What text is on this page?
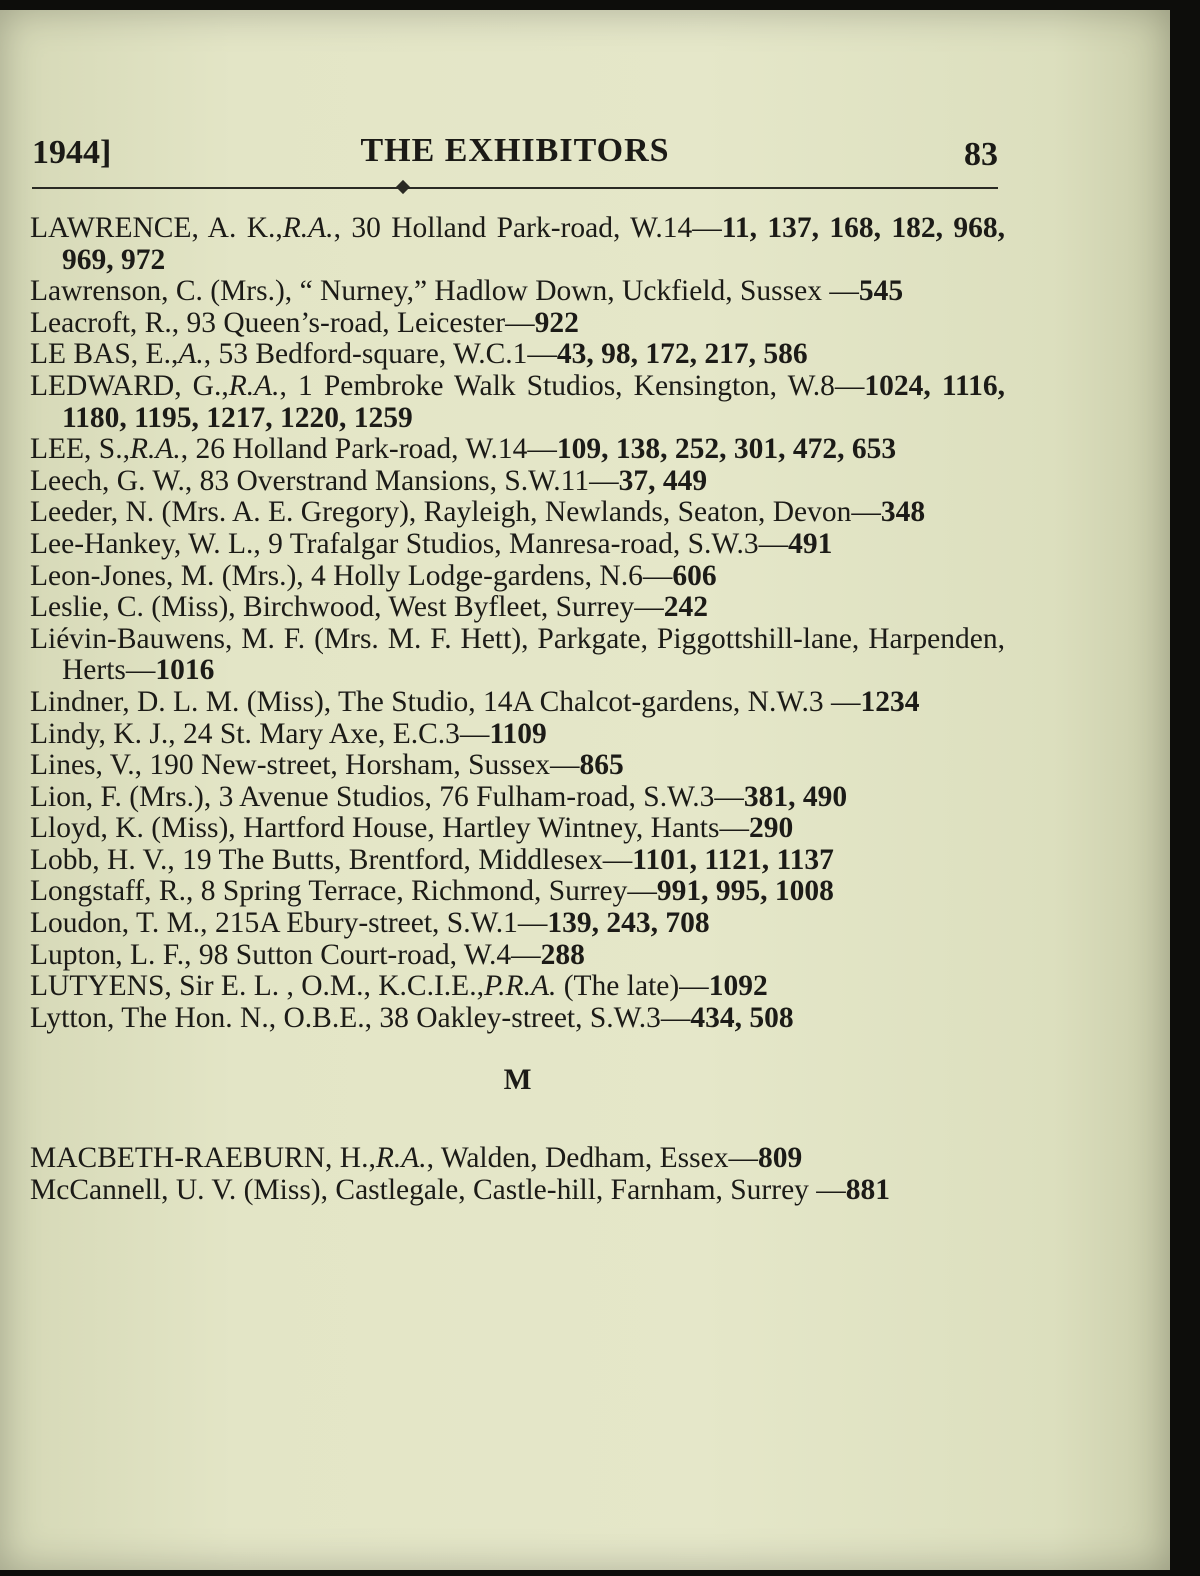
1944]	THE EXHIBITORS	83
LAWRENCE, A. K.,R.A., 30 Holland Park-road, W.14—11, 137, 168, 182, 968, 969, 972
Lawrenson, C. (Mrs.), “ Nurney,” Hadlow Down, Uckfield, Sussex —545
Leacroft, R., 93 Queen’s-road, Leicester—922
LE BAS, E.,A., 53 Bedford-square, W.C.1—43, 98, 172, 217, 586
LEDWARD, G.,R.A., 1 Pembroke Walk Studios, Kensington, W.8—1024, 1116, 1180, 1195, 1217, 1220, 1259
LEE, S.,R.A., 26 Holland Park-road, W.14—109, 138, 252, 301, 472, 653
Leech, G. W., 83 Overstrand Mansions, S.W.11—37, 449
Leeder, N. (Mrs. A. E. Gregory), Rayleigh, Newlands, Seaton, Devon—348
Lee-Hankey, W. L., 9 Trafalgar Studios, Manresa-road, S.W.3—491
Leon-Jones, M. (Mrs.), 4 Holly Lodge-gardens, N.6—606
Leslie, C. (Miss), Birchwood, West Byfleet, Surrey—242
Liévin-Bauwens, M. F. (Mrs. M. F. Hett), Parkgate, Piggottshill-lane, Harpenden, Herts—1016
Lindner, D. L. M. (Miss), The Studio, 14A Chalcot-gardens, N.W.3 —1234
Lindy, K. J., 24 St. Mary Axe, E.C.3—1109
Lines, V., 190 New-street, Horsham, Sussex—865
Lion, F. (Mrs.), 3 Avenue Studios, 76 Fulham-road, S.W.3—381, 490
Lloyd, K. (Miss), Hartford House, Hartley Wintney, Hants—290
Lobb, H. V., 19 The Butts, Brentford, Middlesex—1101, 1121, 1137
Longstaff, R., 8 Spring Terrace, Richmond, Surrey—991, 995, 1008
Loudon, T. M., 215A Ebury-street, S.W.1—139, 243, 708
Lupton, L. F., 98 Sutton Court-road, W.4—288
LUTYENS, Sir E. L. , O.M., K.C.I.E.,P.R.A. (The late)—1092
Lytton, The Hon. N., O.B.E., 38 Oakley-street, S.W.3—434, 508
M
MACBETH-RAEBURN, H.,R.A., Walden, Dedham, Essex—809
McCannell, U. V. (Miss), Castlegale, Castle-hill, Farnham, Surrey —881
